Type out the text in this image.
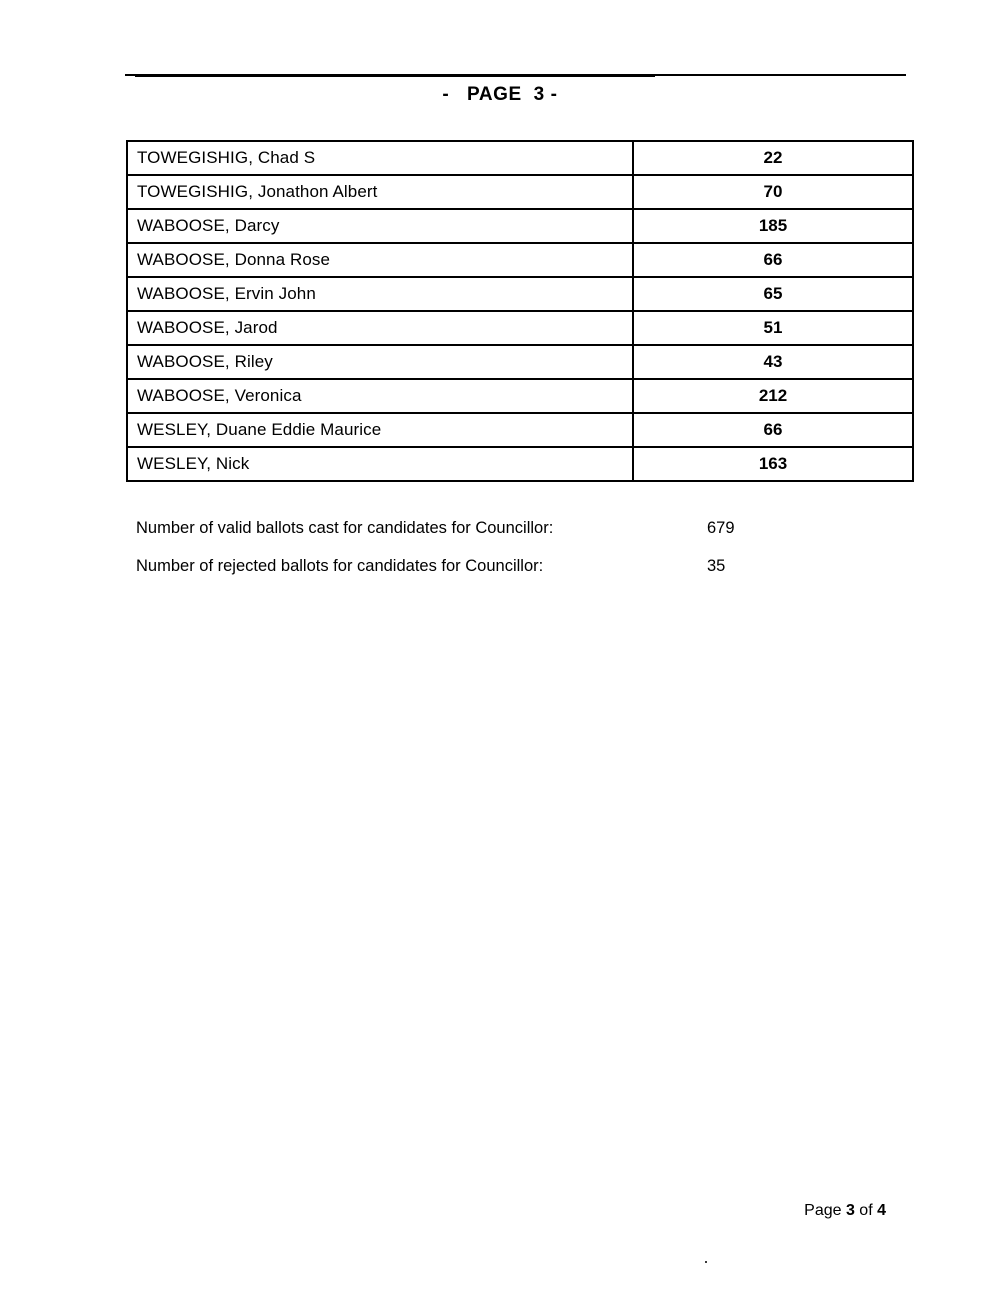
-   PAGE  3 -
TOWEGISHIG, Chad S	22
TOWEGISHIG, Jonathon Albert	70
WABOOSE, Darcy	185
WABOOSE, Donna Rose	66
WABOOSE, Ervin John	65
WABOOSE, Jarod	51
WABOOSE, Riley	43
WABOOSE, Veronica	212
WESLEY, Duane Eddie Maurice	66
WESLEY, Nick	163
Number of valid ballots cast for candidates for Councillor:	679
Number of rejected ballots for candidates for Councillor:	35
Page 3 of 4
